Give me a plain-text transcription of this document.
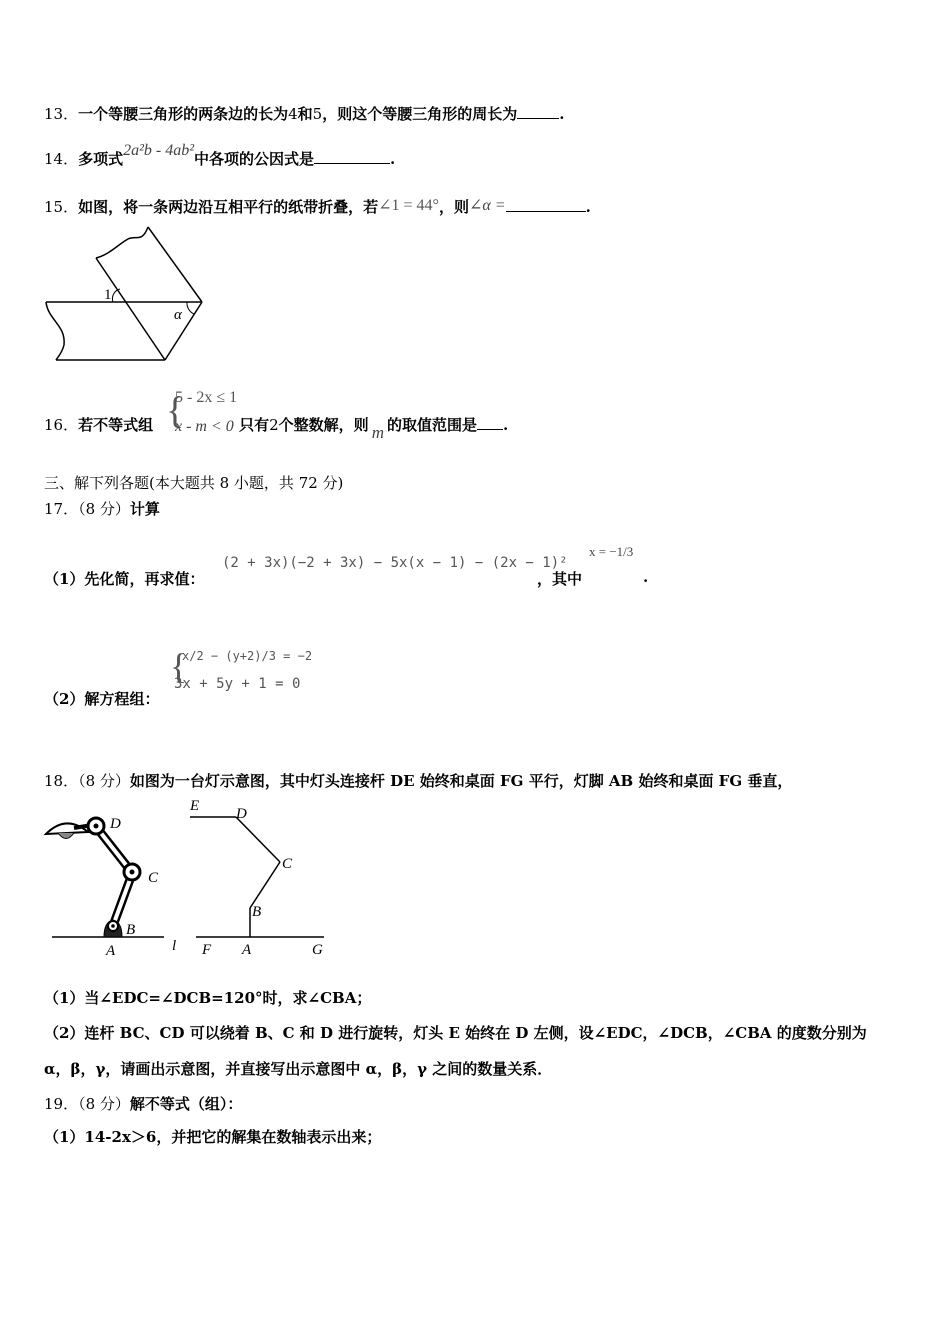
13．一个等腰三角形的两条边的长为4和5，则这个等腰三角形的周长为	.
14．多项式2a²b - 4ab²中各项的公因式是	.
15．如图，将一条两边沿互相平行的纸带折叠，若∠1 = 44°，则∠α =	.
1
α
16．若不等式组	只有2个整数解，则 m 的取值范围是 .
{
5 - 2x ≤ 1
x - m < 0
三、解下列各题(本大题共 8 小题，共 72 分)
17．（8 分）计算
（1）先化简，再求值：
(2 + 3x)(−2 + 3x) − 5x(x − 1) − (2x − 1)²
，其中
x = −1/3
.
（2）解方程组：
{
x/2 − (y+2)/3 = −2
3x + 5y + 1 = 0
18．（8 分）如图为一台灯示意图，其中灯头连接杆 DE 始终和桌面 FG 平行，灯脚 AB 始终和桌面 FG 垂直，
D
C
B
A	l
E D
C
B
F A	G
（1）当∠EDC=∠DCB=120°时，求∠CBA；
（2）连杆 BC、CD 可以绕着 B、C 和 D 进行旋转，灯头 E 始终在 D 左侧，设∠EDC，∠DCB，∠CBA 的度数分别为
α，β，γ，请画出示意图，并直接写出示意图中 α，β，γ 之间的数量关系．
19．（8 分）解不等式（组）：
（1）14-2x＞6，并把它的解集在数轴表示出来；
